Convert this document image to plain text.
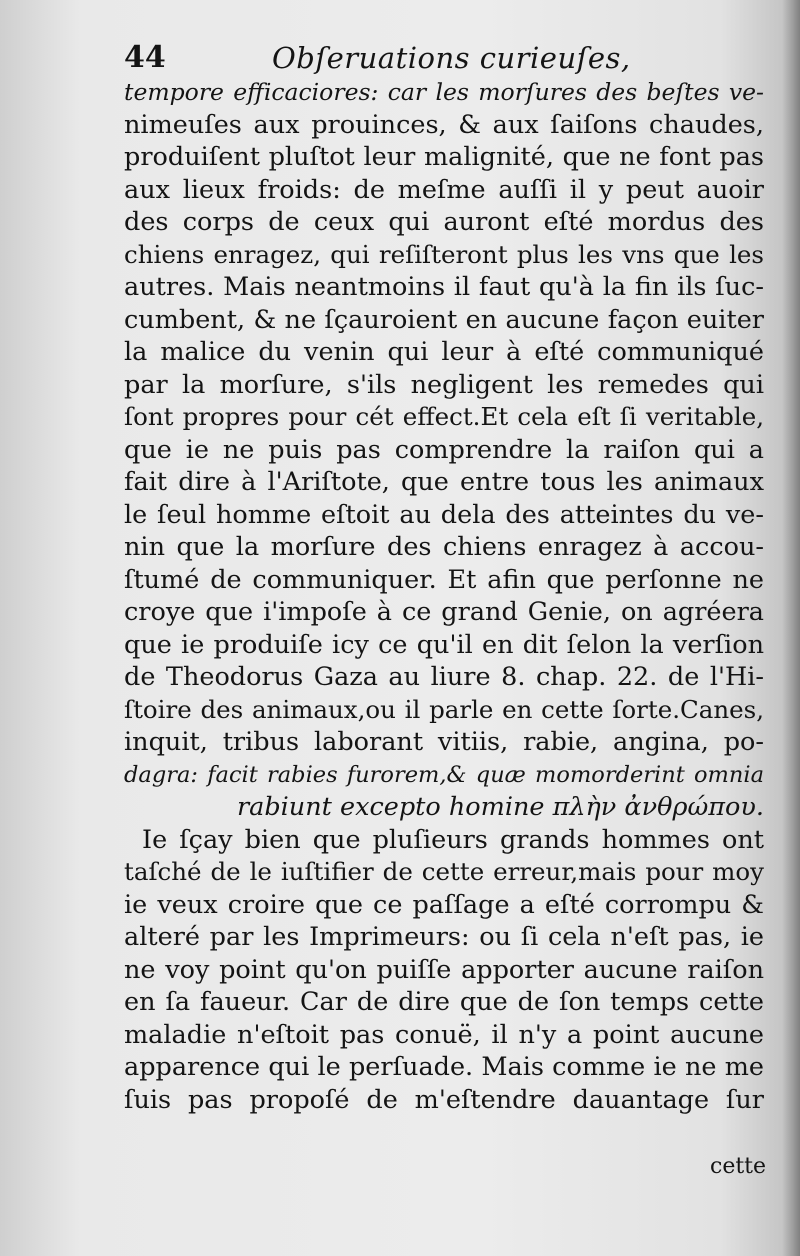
44	Obſeruations curieuſes,
tempore efficaciores: car les morſures des beſtes ve-
nimeuſes aux prouinces, & aux ſaiſons chaudes,
produiſent pluſtot leur malignité, que ne font pas
aux lieux froids: de meſme auſſi il y peut auoir
des corps de ceux qui auront eſté mordus des
chiens enragez, qui reſiſteront plus les vns que les
autres. Mais neantmoins il faut qu'à la fin ils ſuc-
cumbent, & ne ſçauroient en aucune façon euiter
la malice du venin qui leur à eſté communiqué
par la morſure, s'ils negligent les remedes qui
ſont propres pour cét effect.Et cela eſt ſi veritable,
que ie ne puis pas comprendre la raiſon qui a
fait dire à l'Ariſtote, que entre tous les animaux
le ſeul homme eſtoit au dela des atteintes du ve-
nin que la morſure des chiens enragez à accou-
ſtumé de communiquer. Et afin que perſonne ne
croye que i'impoſe à ce grand Genie, on agréera
que ie produiſe icy ce qu'il en dit ſelon la verſion
de Theodorus Gaza au liure 8. chap. 22. de l'Hi-
ſtoire des animaux,ou il parle en cette ſorte.Canes,
inquit, tribus laborant vitiis, rabie, angina, po-
dagra: facit rabies furorem,& quæ momorderint omnia
rabiunt excepto homine πλὴν ἀνθρώπου.
Ie ſçay bien que pluſieurs grands hommes ont
taſché de le iuſtifier de cette erreur,mais pour moy
ie veux croire que ce paſſage a eſté corrompu &
alteré par les Imprimeurs: ou ſi cela n'eſt pas, ie
ne voy point qu'on puiſſe apporter aucune raiſon
en ſa faueur. Car de dire que de ſon temps cette
maladie n'eſtoit pas conuë, il n'y a point aucune
apparence qui le perſuade. Mais comme ie ne me
ſuis pas propoſé de m'eſtendre dauantage ſur
cette
